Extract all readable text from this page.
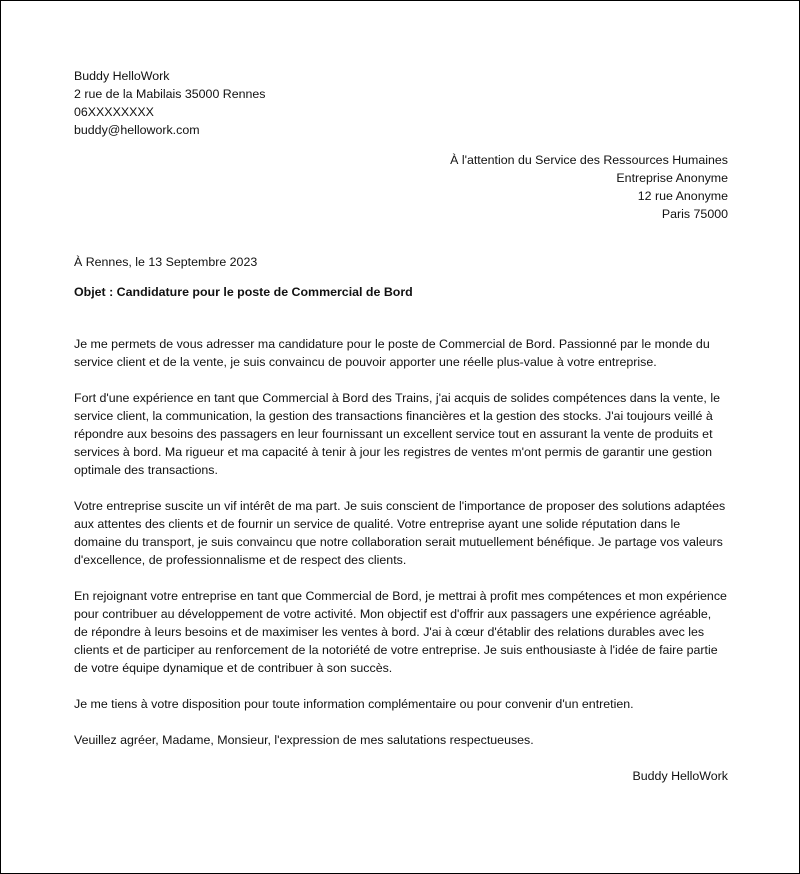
Buddy HelloWork
2 rue de la Mabilais 35000 Rennes
06XXXXXXXX
buddy@hellowork.com
À l'attention du Service des Ressources Humaines
Entreprise Anonyme
12 rue Anonyme
Paris 75000
À Rennes, le 13 Septembre 2023
Objet : Candidature pour le poste de Commercial de Bord

Je me permets de vous adresser ma candidature pour le poste de Commercial de Bord. Passionné par le monde du service client et de la vente, je suis convaincu de pouvoir apporter une réelle plus-value à votre entreprise.

Fort d'une expérience en tant que Commercial à Bord des Trains, j'ai acquis de solides compétences dans la vente, le service client, la communication, la gestion des transactions financières et la gestion des stocks. J'ai toujours veillé à répondre aux besoins des passagers en leur fournissant un excellent service tout en assurant la vente de produits et services à bord. Ma rigueur et ma capacité à tenir à jour les registres de ventes m'ont permis de garantir une gestion optimale des transactions.

Votre entreprise suscite un vif intérêt de ma part. Je suis conscient de l'importance de proposer des solutions adaptées aux attentes des clients et de fournir un service de qualité. Votre entreprise ayant une solide réputation dans le domaine du transport, je suis convaincu que notre collaboration serait mutuellement bénéfique. Je partage vos valeurs d'excellence, de professionnalisme et de respect des clients.

En rejoignant votre entreprise en tant que Commercial de Bord, je mettrai à profit mes compétences et mon expérience pour contribuer au développement de votre activité. Mon objectif est d'offrir aux passagers une expérience agréable, de répondre à leurs besoins et de maximiser les ventes à bord. J'ai à cœur d'établir des relations durables avec les clients et de participer au renforcement de la notoriété de votre entreprise. Je suis enthousiaste à l'idée de faire partie de votre équipe dynamique et de contribuer à son succès.

Je me tiens à votre disposition pour toute information complémentaire ou pour convenir d'un entretien.

Veuillez agréer, Madame, Monsieur, l'expression de mes salutations respectueuses.

Buddy HelloWork
